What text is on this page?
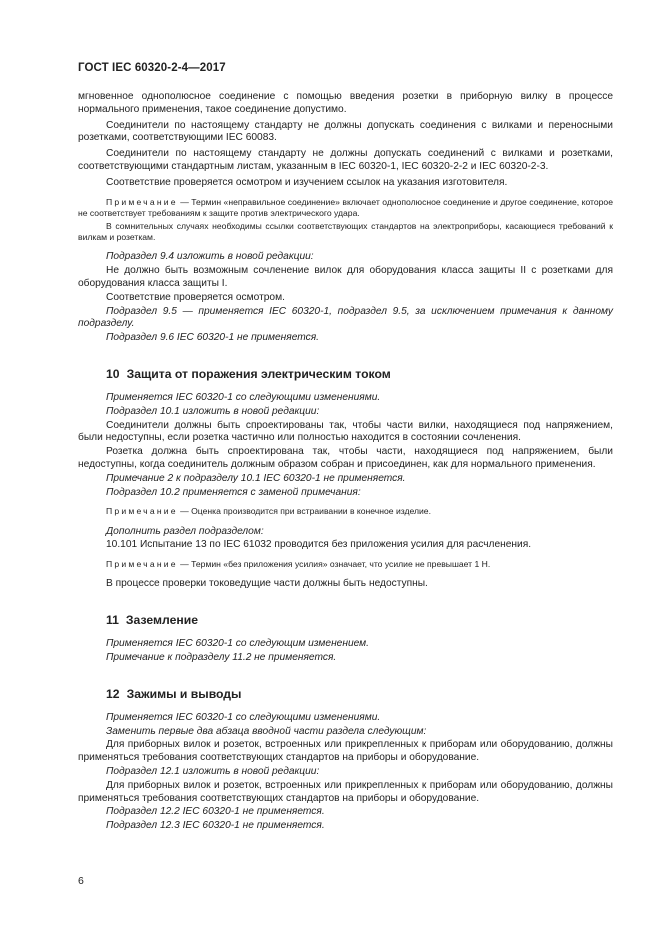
ГОСТ IEC 60320-2-4—2017

мгновенное однополюсное соединение с помощью введения розетки в приборную вилку в процессе нормального применения, такое соединение допустимо.

Соединители по настоящему стандарту не должны допускать соединения с вилками и переносными розетками, соответствующими IEC 60083.

Соединители по настоящему стандарту не должны допускать соединений с вилками и розетками, соответствующими стандартным листам, указанным в IEC 60320-1, IEC 60320-2-2 и IEC 60320-2-3.

Соответствие проверяется осмотром и изучением ссылок на указания изготовителя.

Примечание — Термин «неправильное соединение» включает однополюсное соединение и другое соединение, которое не соответствует требованиям к защите против электрического удара.

В сомнительных случаях необходимы ссылки соответствующих стандартов на электроприборы, касающиеся требований к вилкам и розеткам.

Подраздел 9.4 изложить в новой редакции:

Не должно быть возможным сочленение вилок для оборудования класса защиты II с розетками для оборудования класса защиты I.

Соответствие проверяется осмотром.

Подраздел 9.5 — применяется IEC 60320-1, подраздел 9.5, за исключением примечания к данному подразделу.

Подраздел 9.6 IEC 60320-1 не применяется.

10 Защита от поражения электрическим током

Применяется IEC 60320-1 со следующими изменениями.

Подраздел 10.1 изложить в новой редакции:

Соединители должны быть спроектированы так, чтобы части вилки, находящиеся под напряжением, были недоступны, если розетка частично или полностью находится в состоянии сочленения.

Розетка должна быть спроектирована так, чтобы части, находящиеся под напряжением, были недоступны, когда соединитель должным образом собран и присоединен, как для нормального применения.

Примечание 2 к подразделу 10.1 IEC 60320-1 не применяется.

Подраздел 10.2 применяется с заменой примечания:

Примечание — Оценка производится при встраивании в конечное изделие.

Дополнить раздел подразделом:

10.101 Испытание 13 по IEC 61032 проводится без приложения усилия для расчленения.

Примечание — Термин «без приложения усилия» означает, что усилие не превышает 1 Н.

В процессе проверки токоведущие части должны быть недоступны.

11 Заземление

Применяется IEC 60320-1 со следующим изменением.

Примечание к подразделу 11.2 не применяется.

12 Зажимы и выводы

Применяется IEC 60320-1 со следующими изменениями.

Заменить первые два абзаца вводной части раздела следующим:

Для приборных вилок и розеток, встроенных или прикрепленных к приборам или оборудованию, должны применяться требования соответствующих стандартов на приборы и оборудование.

Подраздел 12.1 изложить в новой редакции:

Для приборных вилок и розеток, встроенных или прикрепленных к приборам или оборудованию, должны применяться требования соответствующих стандартов на приборы и оборудование.

Подраздел 12.2 IEC 60320-1 не применяется.

Подраздел 12.3 IEC 60320-1 не применяется.

6
